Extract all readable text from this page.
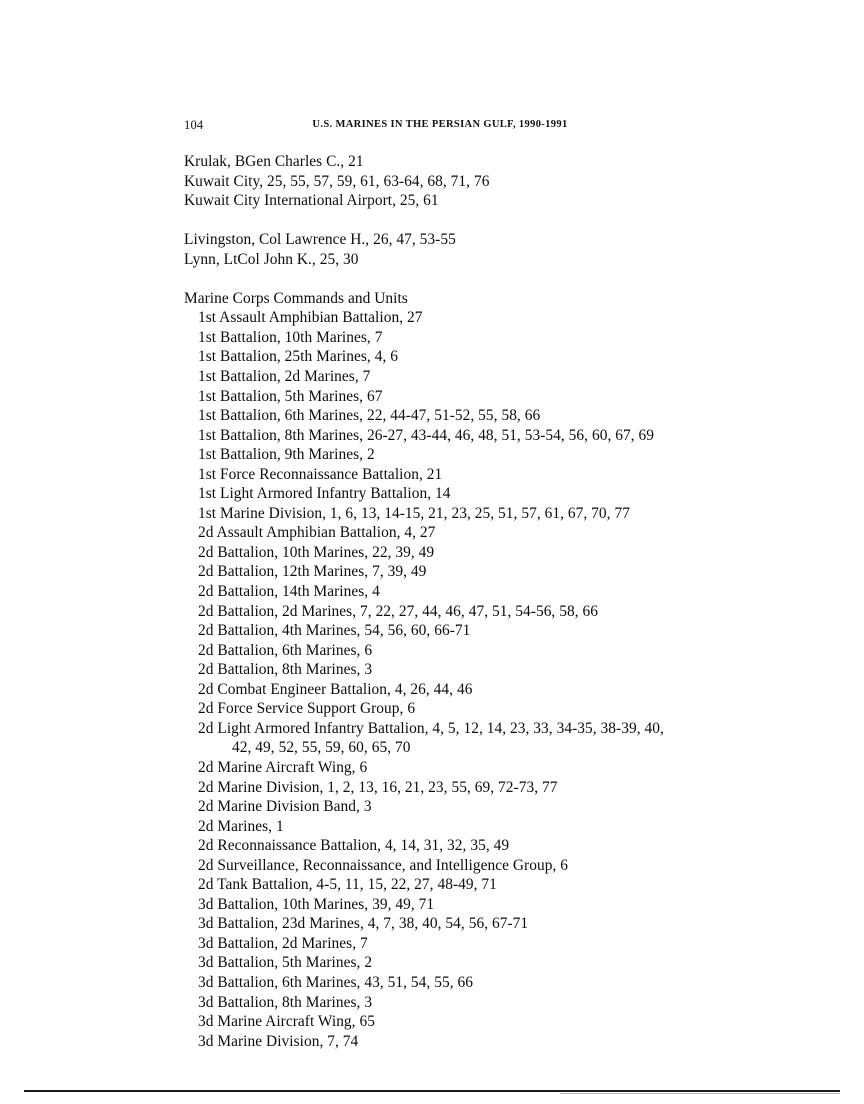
104	U.S. MARINES IN THE PERSIAN GULF, 1990-1991
Krulak, BGen Charles C., 21
Kuwait City, 25, 55, 57, 59, 61, 63-64, 68, 71, 76
Kuwait City International Airport, 25, 61
Livingston, Col Lawrence H., 26, 47, 53-55
Lynn, LtCol John K., 25, 30
Marine Corps Commands and Units
1st Assault Amphibian Battalion, 27
1st Battalion, 10th Marines, 7
1st Battalion, 25th Marines, 4, 6
1st Battalion, 2d Marines, 7
1st Battalion, 5th Marines, 67
1st Battalion, 6th Marines, 22, 44-47, 51-52, 55, 58, 66
1st Battalion, 8th Marines, 26-27, 43-44, 46, 48, 51, 53-54, 56, 60, 67, 69
1st Battalion, 9th Marines, 2
1st Force Reconnaissance Battalion, 21
1st Light Armored Infantry Battalion, 14
1st Marine Division, 1, 6, 13, 14-15, 21, 23, 25, 51, 57, 61, 67, 70, 77
2d Assault Amphibian Battalion, 4, 27
2d Battalion, 10th Marines, 22, 39, 49
2d Battalion, 12th Marines, 7, 39, 49
2d Battalion, 14th Marines, 4
2d Battalion, 2d Marines, 7, 22, 27, 44, 46, 47, 51, 54-56, 58, 66
2d Battalion, 4th Marines, 54, 56, 60, 66-71
2d Battalion, 6th Marines, 6
2d Battalion, 8th Marines, 3
2d Combat Engineer Battalion, 4, 26, 44, 46
2d Force Service Support Group, 6
2d Light Armored Infantry Battalion, 4, 5, 12, 14, 23, 33, 34-35, 38-39, 40,
42, 49, 52, 55, 59, 60, 65, 70
2d Marine Aircraft Wing, 6
2d Marine Division, 1, 2, 13, 16, 21, 23, 55, 69, 72-73, 77
2d Marine Division Band, 3
2d Marines, 1
2d Reconnaissance Battalion, 4, 14, 31, 32, 35, 49
2d Surveillance, Reconnaissance, and Intelligence Group, 6
2d Tank Battalion, 4-5, 11, 15, 22, 27, 48-49, 71
3d Battalion, 10th Marines, 39, 49, 71
3d Battalion, 23d Marines, 4, 7, 38, 40, 54, 56, 67-71
3d Battalion, 2d Marines, 7
3d Battalion, 5th Marines, 2
3d Battalion, 6th Marines, 43, 51, 54, 55, 66
3d Battalion, 8th Marines, 3
3d Marine Aircraft Wing, 65
3d Marine Division, 7, 74
